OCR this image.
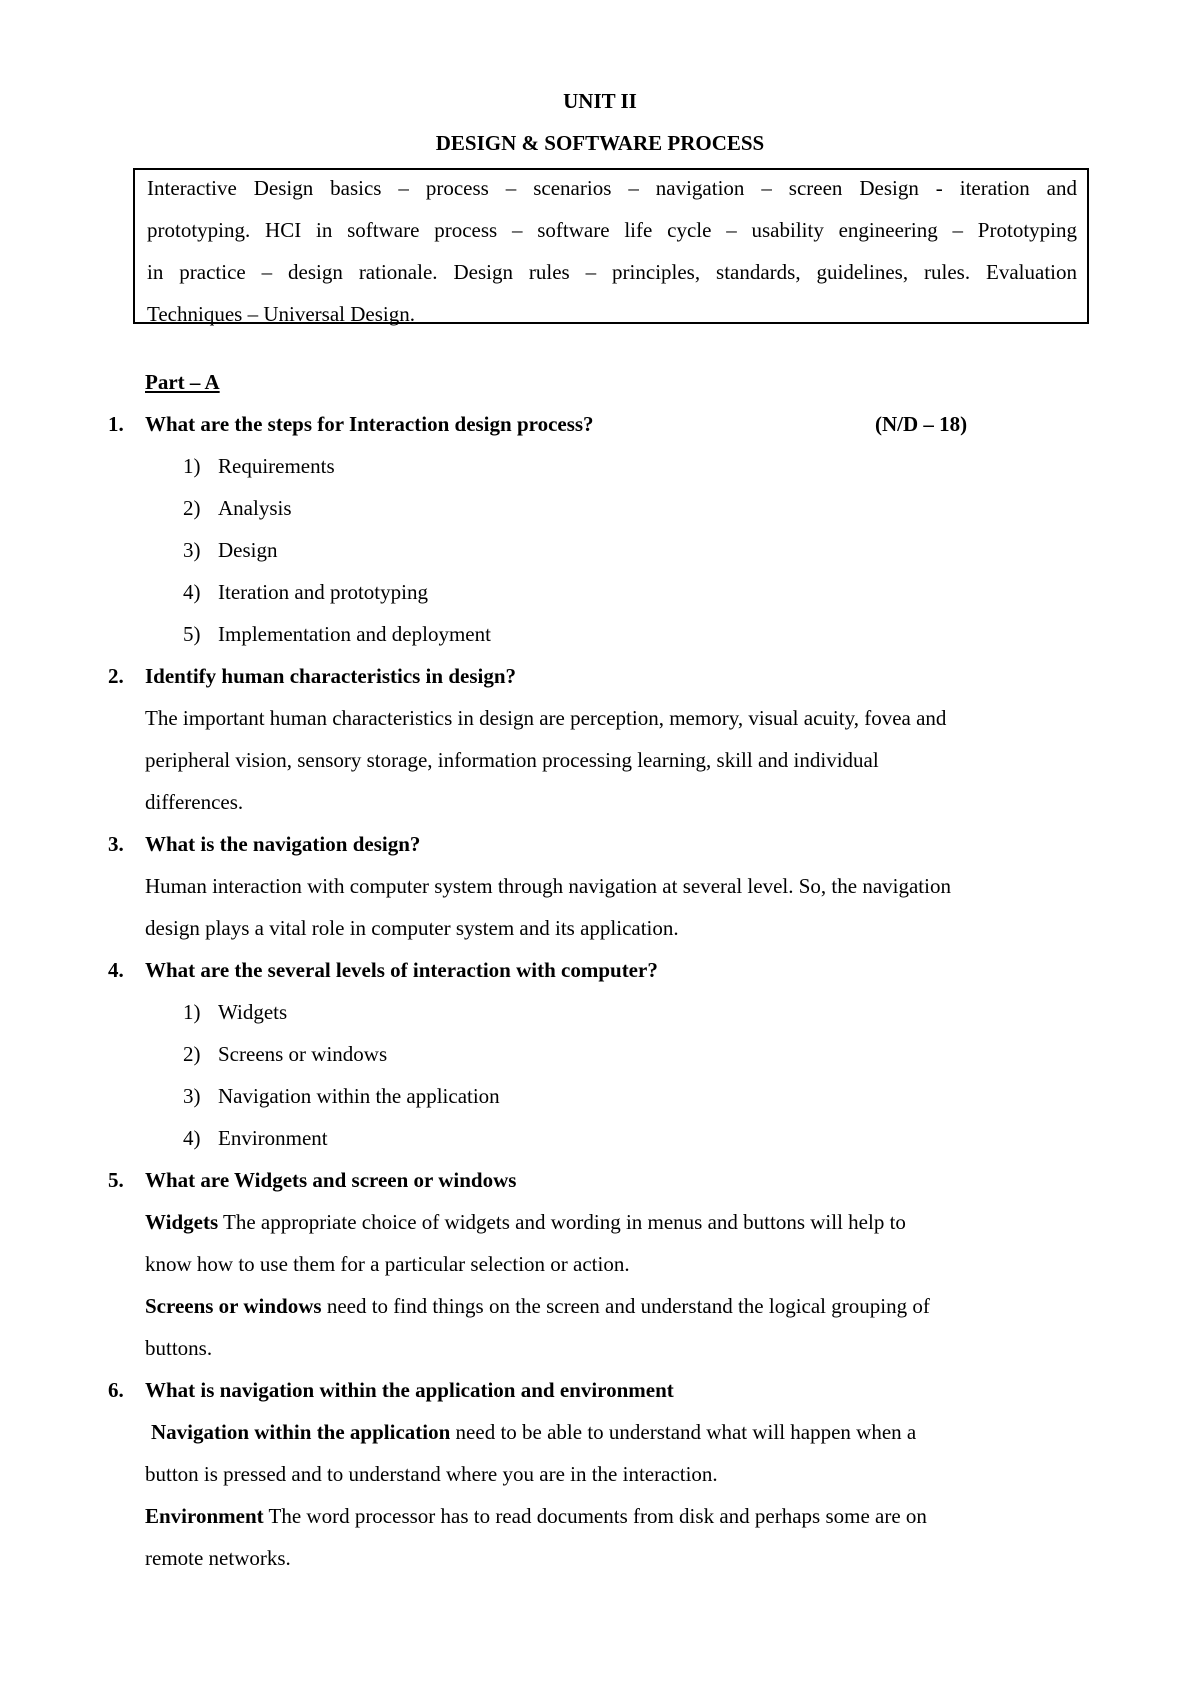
UNIT II
DESIGN & SOFTWARE PROCESS
Interactive Design basics – process – scenarios – navigation – screen Design - iteration and
prototyping. HCI in software process – software life cycle – usability engineering – Prototyping
in practice – design rationale. Design rules – principles, standards, guidelines, rules. Evaluation
Techniques – Universal Design.
Part – A
1. What are the steps for Interaction design process?	(N/D – 18)
1) Requirements
2) Analysis
3) Design
4) Iteration and prototyping
5) Implementation and deployment
2. Identify human characteristics in design?
The important human characteristics in design are perception, memory, visual acuity, fovea and
peripheral vision, sensory storage, information processing learning, skill and individual
differences.
3. What is the navigation design?
Human interaction with computer system through navigation at several level. So, the navigation
design plays a vital role in computer system and its application.
4. What are the several levels of interaction with computer?
1) Widgets
2) Screens or windows
3) Navigation within the application
4) Environment
5. What are Widgets and screen or windows
Widgets The appropriate choice of widgets and wording in menus and buttons will help to
know how to use them for a particular selection or action.
Screens or windows need to find things on the screen and understand the logical grouping of
buttons.
6. What is navigation within the application and environment
Navigation within the application need to be able to understand what will happen when a
button is pressed and to understand where you are in the interaction.
Environment The word processor has to read documents from disk and perhaps some are on
remote networks.
